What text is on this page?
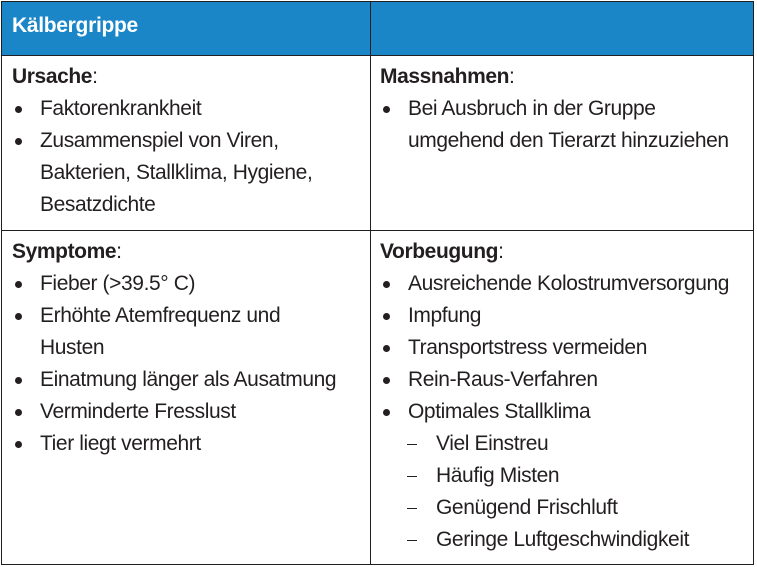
Kälbergrippe
Ursache:
Faktorenkrankheit
Zusammenspiel von Viren, Bakterien, Stallklima, Hygiene, Besatzdichte
Massnahmen:
Bei Ausbruch in der Gruppe umgehend den Tierarzt hinzuziehen
Symptome:
Fieber (>39.5° C)
Erhöhte Atemfrequenz und Husten
Einatmung länger als Ausatmung
Verminderte Fresslust
Tier liegt vermehrt
Vorbeugung:
Ausreichende Kolostrumversorgung
Impfung
Transportstress vermeiden
Rein-Raus-Verfahren
Optimales Stallklima
Viel Einstreu
Häufig Misten
Genügend Frischluft
Geringe Luftgeschwindigkeit
